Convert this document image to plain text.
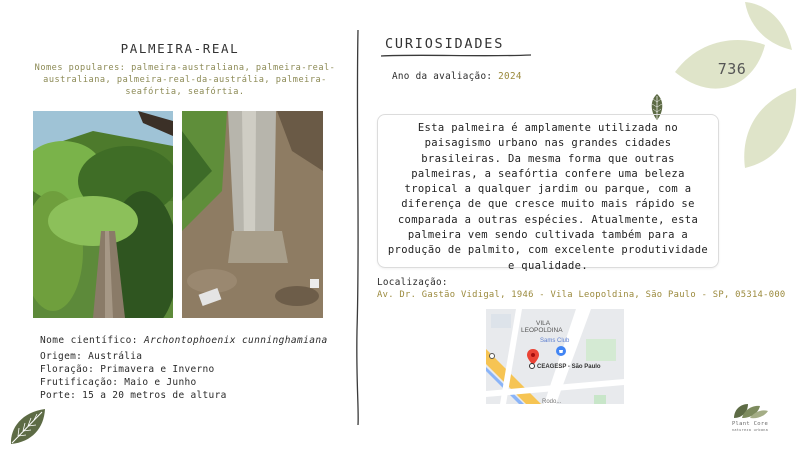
PALMEIRA-REAL
Nomes populares: palmeira-australiana, palmeira-real-australiana, palmeira-real-da-austrália, palmeira-seafórtia, seafórtia.
Nome científico: Archontophoenix cunninghamiana
Origem: Austrália
Floração: Primavera e Inverno
Frutificação: Maio e Junho
Porte: 15 a 20 metros de altura
CURIOSIDADES
Ano da avaliação: 2024	736

Esta palmeira é amplamente utilizada no paisagismo urbano nas grandes cidades brasileiras. Da mesma forma que outras palmeiras, a seafórtia confere uma beleza tropical a qualquer jardim ou parque, com a diferença de que cresce muito mais rápido se comparada a outras espécies. Atualmente, esta palmeira vem sendo cultivada também para a produção de palmito, com excelente produtividade e qualidade.

Localização:
Av. Dr. Gastão Vidigal, 1946 - Vila Leopoldina, São Paulo - SP, 05314-000
VILA
LEOPOLDINA
Sams Club
CEAGESP - São Paulo
Rodo...
Plant Core
natureza urbana
